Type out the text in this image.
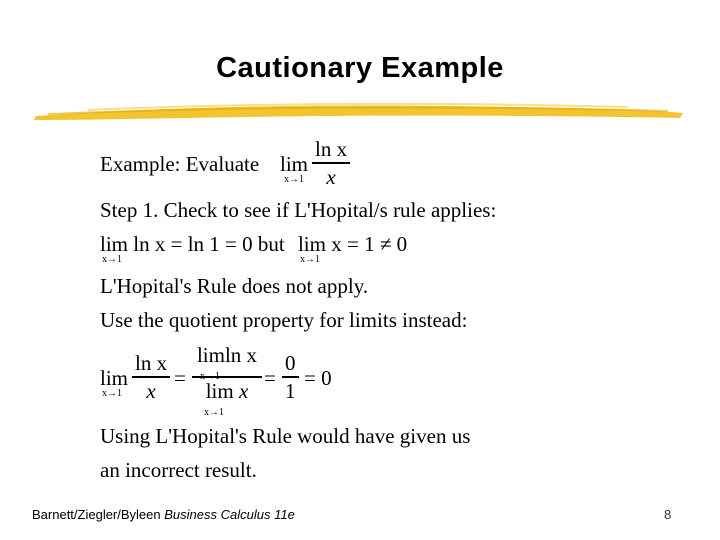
Cautionary Example
Example: Evaluate lim
x→1
ln x
x
Step 1. Check to see if L'Hopital/s rule applies:
lim
x→1
ln x = ln 1 = 0 but lim
x→1
x = 1 ≠ 0
L'Hopital's Rule does not apply.
Use the quotient property for limits instead:
lim
x→1
ln x
x
=
limln x
x→1
lim x
x→1
=
0
1
= 0
Using L'Hopital's Rule would have given us
an incorrect result.
Barnett/Ziegler/Byleen Business Calculus 11e	8
